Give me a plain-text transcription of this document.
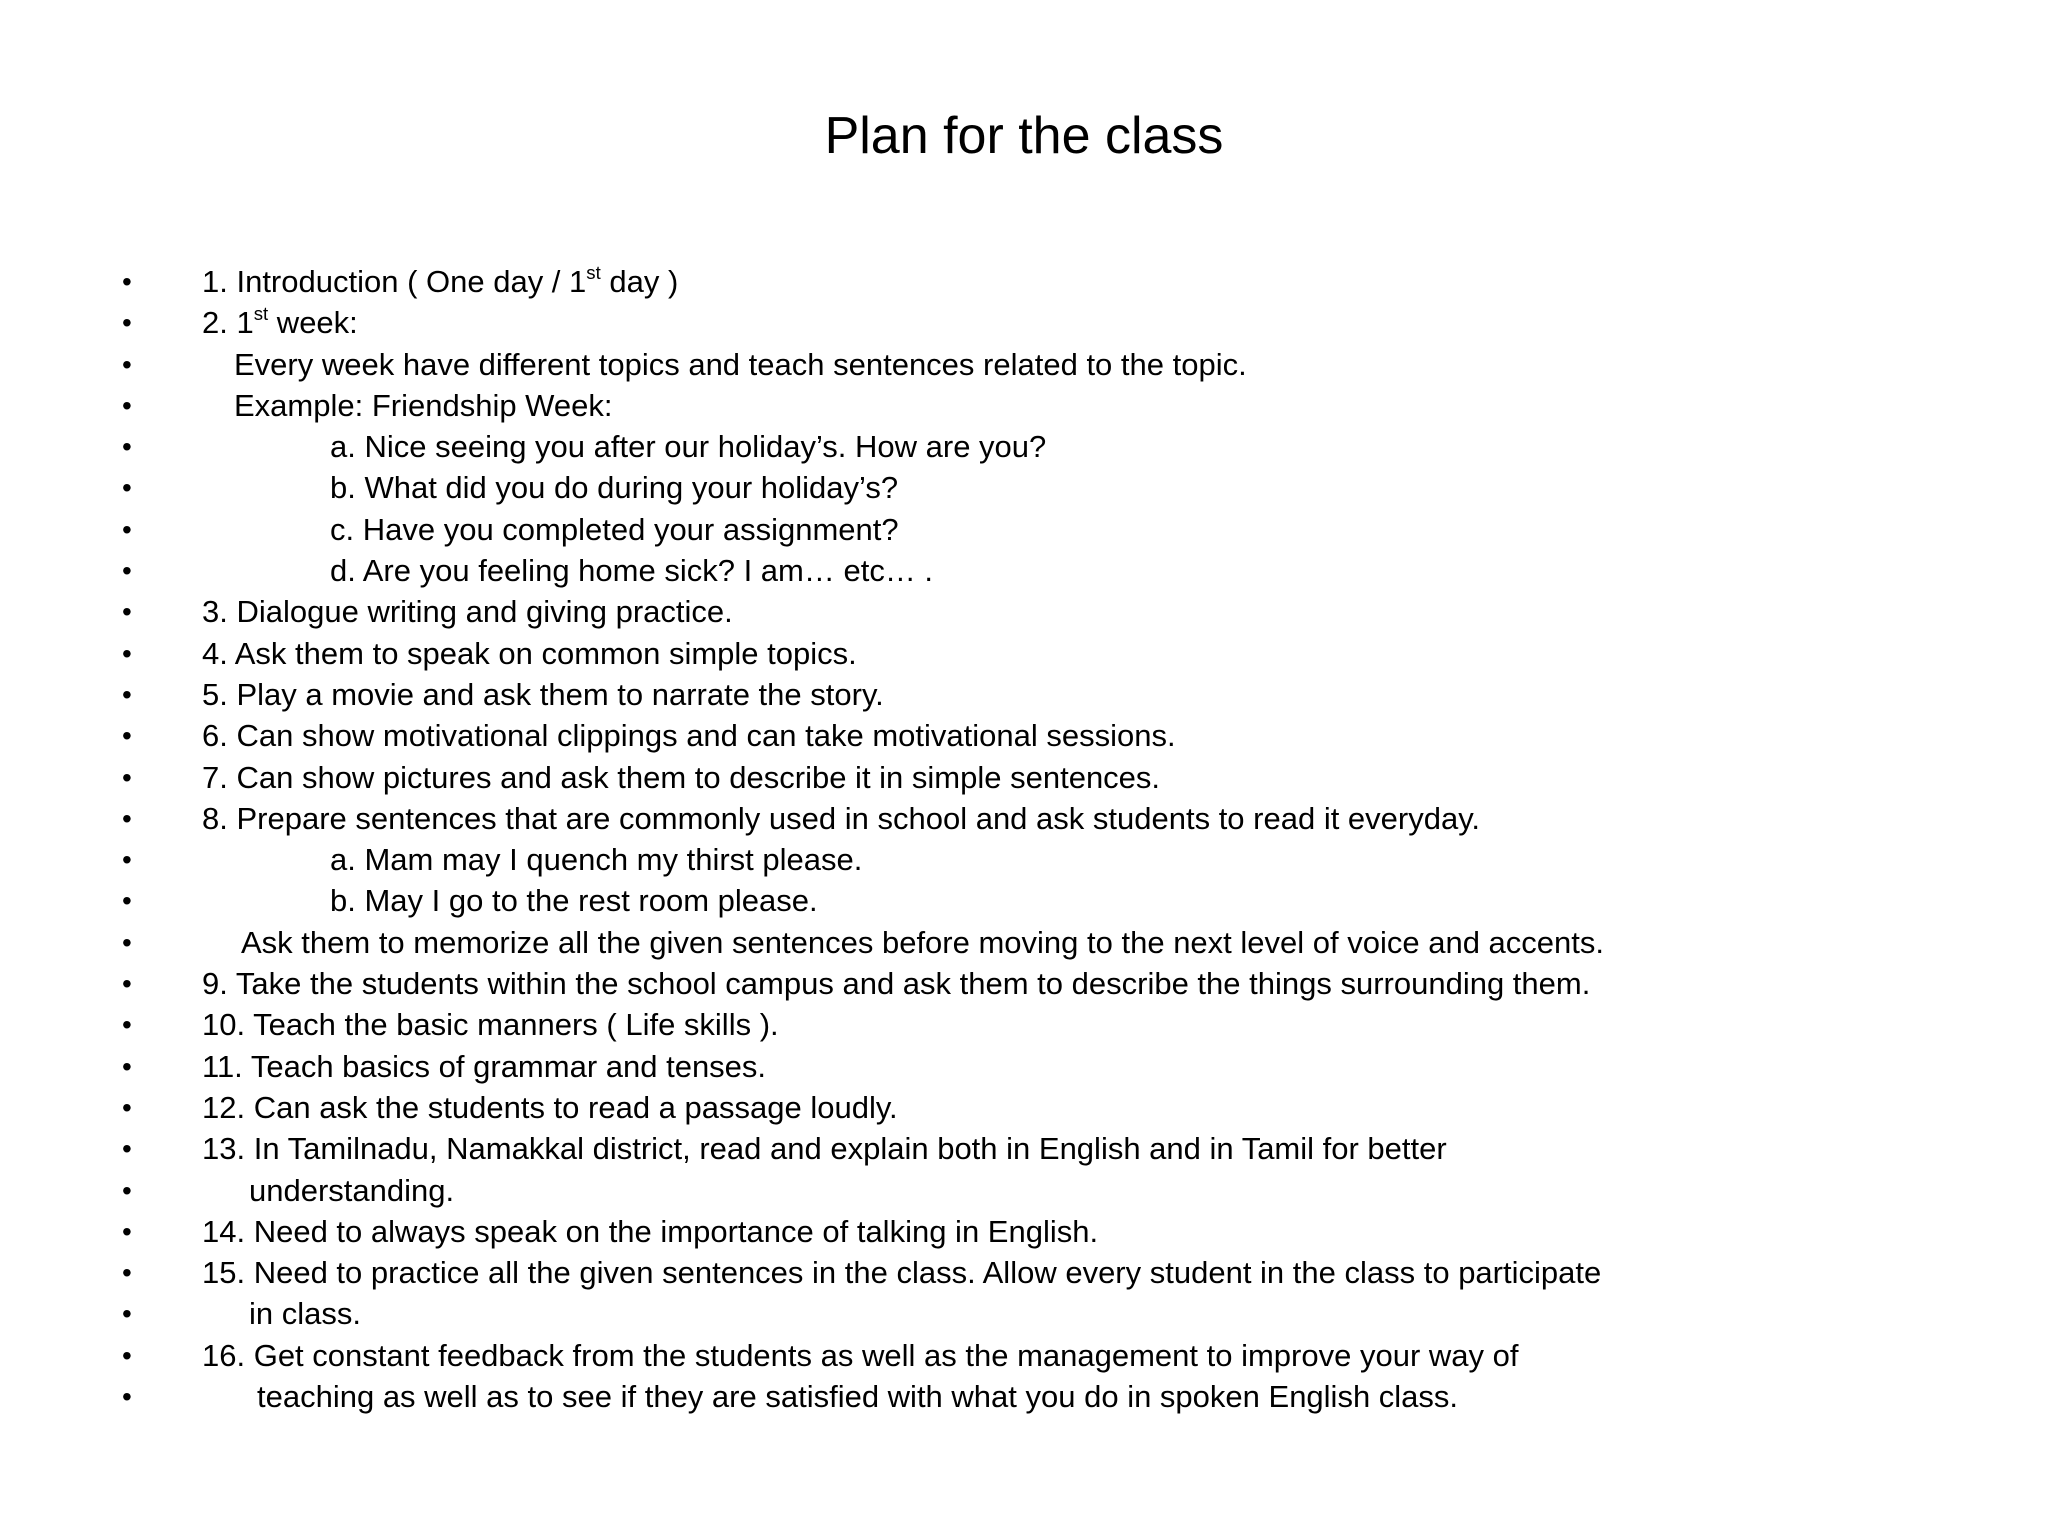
Plan for the class
• 1. Introduction ( One day / 1st day )
• 2. 1st week:
•	Every week have different topics and teach sentences related to the topic.
•	Example: Friendship Week:
•	a. Nice seeing you after our holiday’s. How are you?
•	b. What did you do during your holiday’s?
•	c. Have you completed your assignment?
•	d. Are you feeling home sick? I am… etc… .
• 3. Dialogue writing and giving practice.
• 4. Ask them to speak on common simple topics.
• 5. Play a movie and ask them to narrate the story.
• 6. Can show motivational clippings and can take motivational sessions.
• 7. Can show pictures and ask them to describe it in simple sentences.
• 8. Prepare sentences that are commonly used in school and ask students to read it everyday.
•	a. Mam may I quench my thirst please.
•	b. May I go to the rest room please.
•	Ask them to memorize all the given sentences before moving to the next level of voice and accents.
• 9. Take the students within the school campus and ask them to describe the things surrounding them.
• 10. Teach the basic manners ( Life skills ).
• 11. Teach basics of grammar and tenses.
• 12. Can ask the students to read a passage loudly.
• 13. In Tamilnadu, Namakkal district, read and explain both in English and in Tamil for better
•	understanding.
• 14. Need to always speak on the importance of talking in English.
• 15. Need to practice all the given sentences in the class. Allow every student in the class to participate
•	in class.
• 16. Get constant feedback from the students as well as the management to improve your way of
•	teaching as well as to see if they are satisfied with what you do in spoken English class.
